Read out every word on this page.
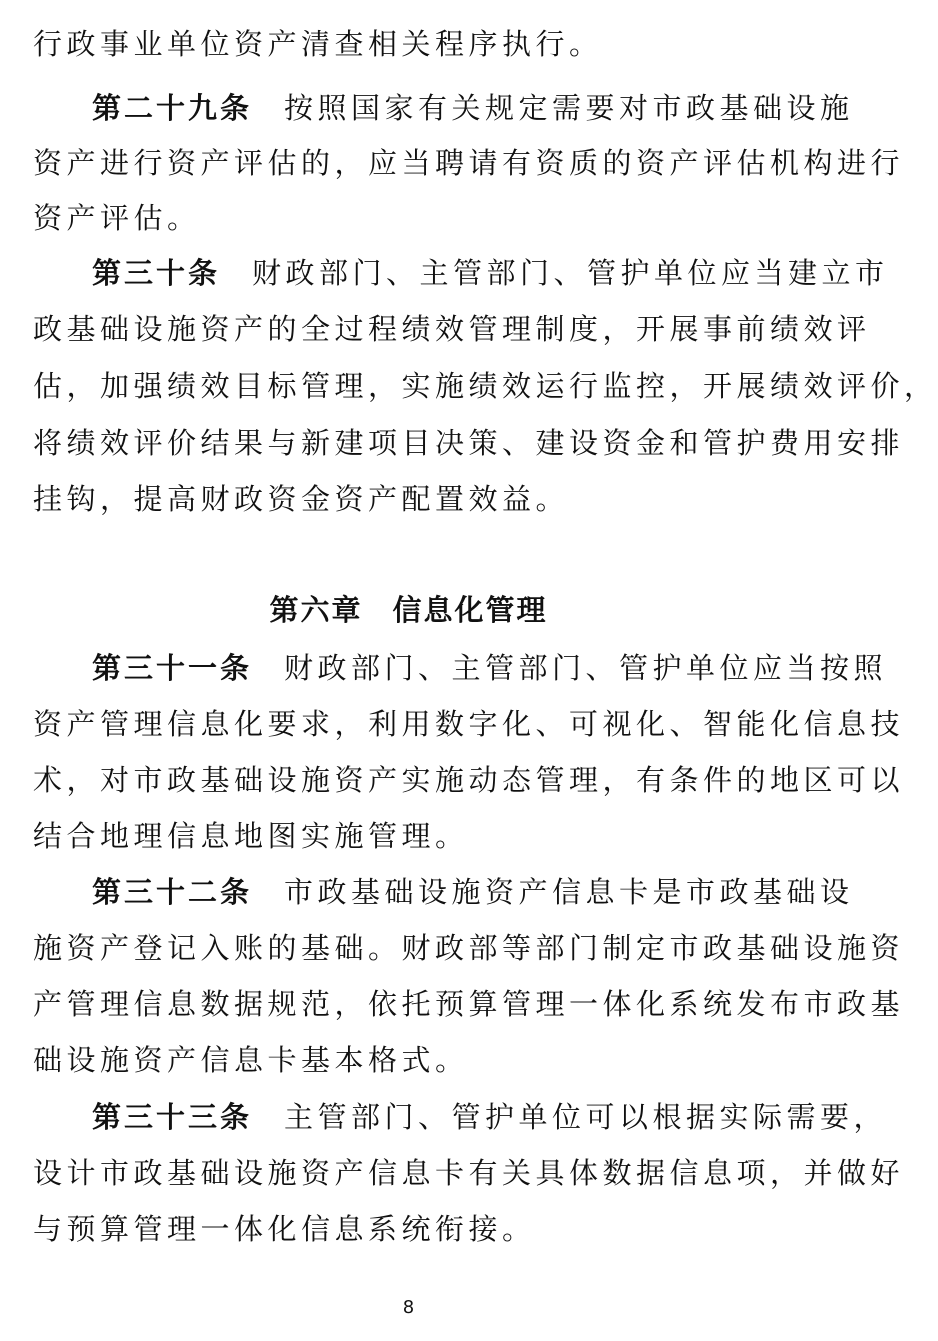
行政事业单位资产清查相关程序执行。
第二十九条 按照国家有关规定需要对市政基础设施
资产进行资产评估的，应当聘请有资质的资产评估机构进行
资产评估。
第三十条 财政部门、主管部门、管护单位应当建立市
政基础设施资产的全过程绩效管理制度，开展事前绩效评
估，加强绩效目标管理，实施绩效运行监控，开展绩效评价，
将绩效评价结果与新建项目决策、建设资金和管护费用安排
挂钩，提高财政资金资产配置效益。
第六章 信息化管理
第三十一条 财政部门、主管部门、管护单位应当按照
资产管理信息化要求，利用数字化、可视化、智能化信息技
术，对市政基础设施资产实施动态管理，有条件的地区可以
结合地理信息地图实施管理。
第三十二条 市政基础设施资产信息卡是市政基础设
施资产登记入账的基础。财政部等部门制定市政基础设施资
产管理信息数据规范，依托预算管理一体化系统发布市政基
础设施资产信息卡基本格式。
第三十三条 主管部门、管护单位可以根据实际需要，
设计市政基础设施资产信息卡有关具体数据信息项，并做好
与预算管理一体化信息系统衔接。
8
